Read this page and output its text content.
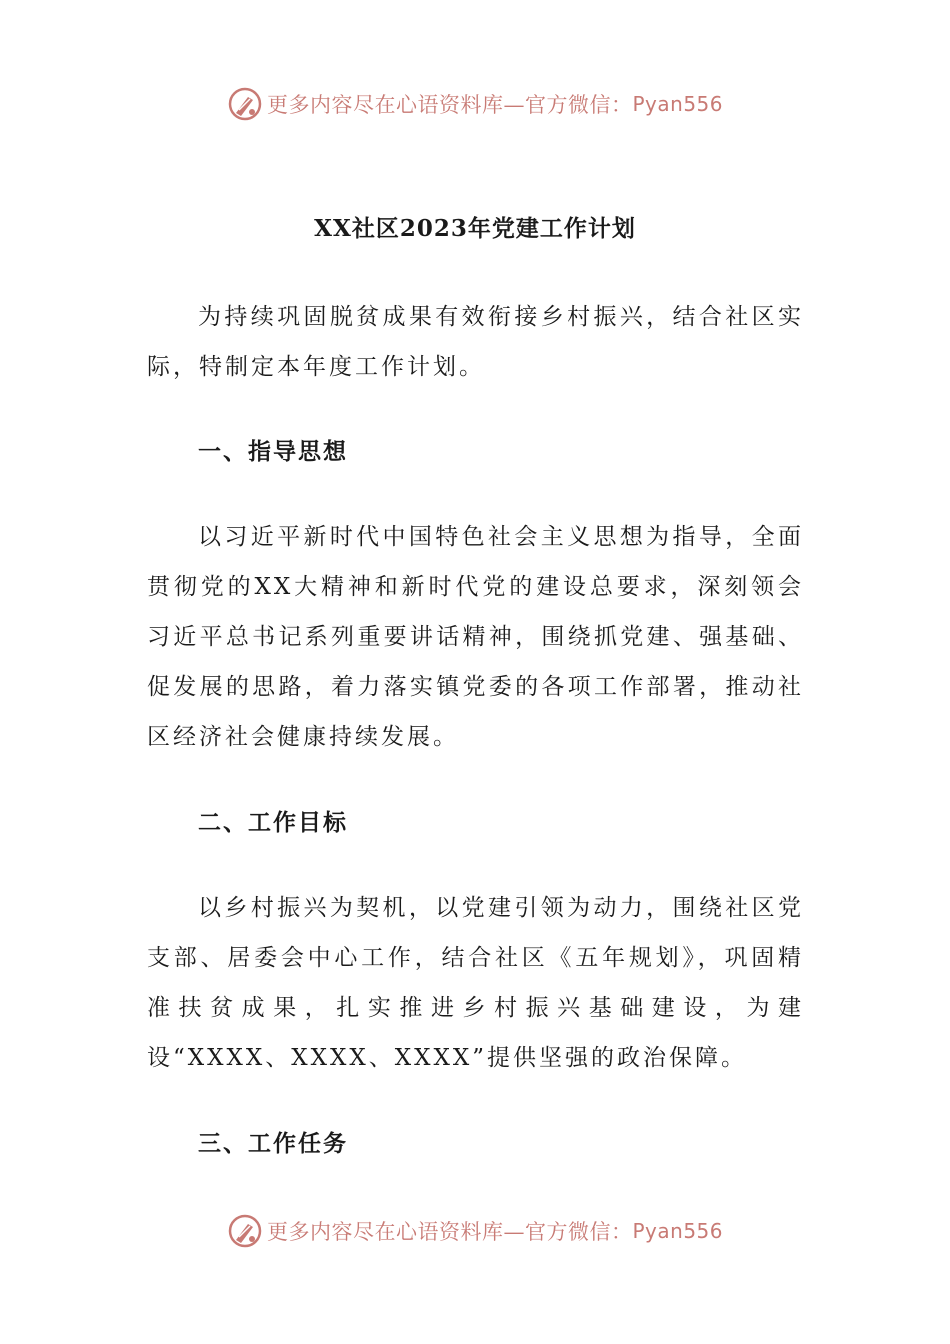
更多内容尽在心语资料库—官方微信： Pyan556
XX社区2023年党建工作计划

为持续巩固脱贫成果有效衔接乡村振兴，结合社区实际，特制定本年度工作计划。

一、指导思想

以习近平新时代中国特色社会主义思想为指导，全面贯彻党的XX大精神和新时代党的建设总要求，深刻领会习近平总书记系列重要讲话精神，围绕抓党建、强基础、促发展的思路，着力落实镇党委的各项工作部署，推动社区经济社会健康持续发展。

二、工作目标

以乡村振兴为契机，以党建引领为动力，围绕社区党支部、居委会中心工作，结合社区《五年规划》，巩固精准扶贫成果，扎实推进乡村振兴基础建设，为建设“XXXX、XXXX、XXXX”提供坚强的政治保障。

三、工作任务
更多内容尽在心语资料库—官方微信： Pyan556
